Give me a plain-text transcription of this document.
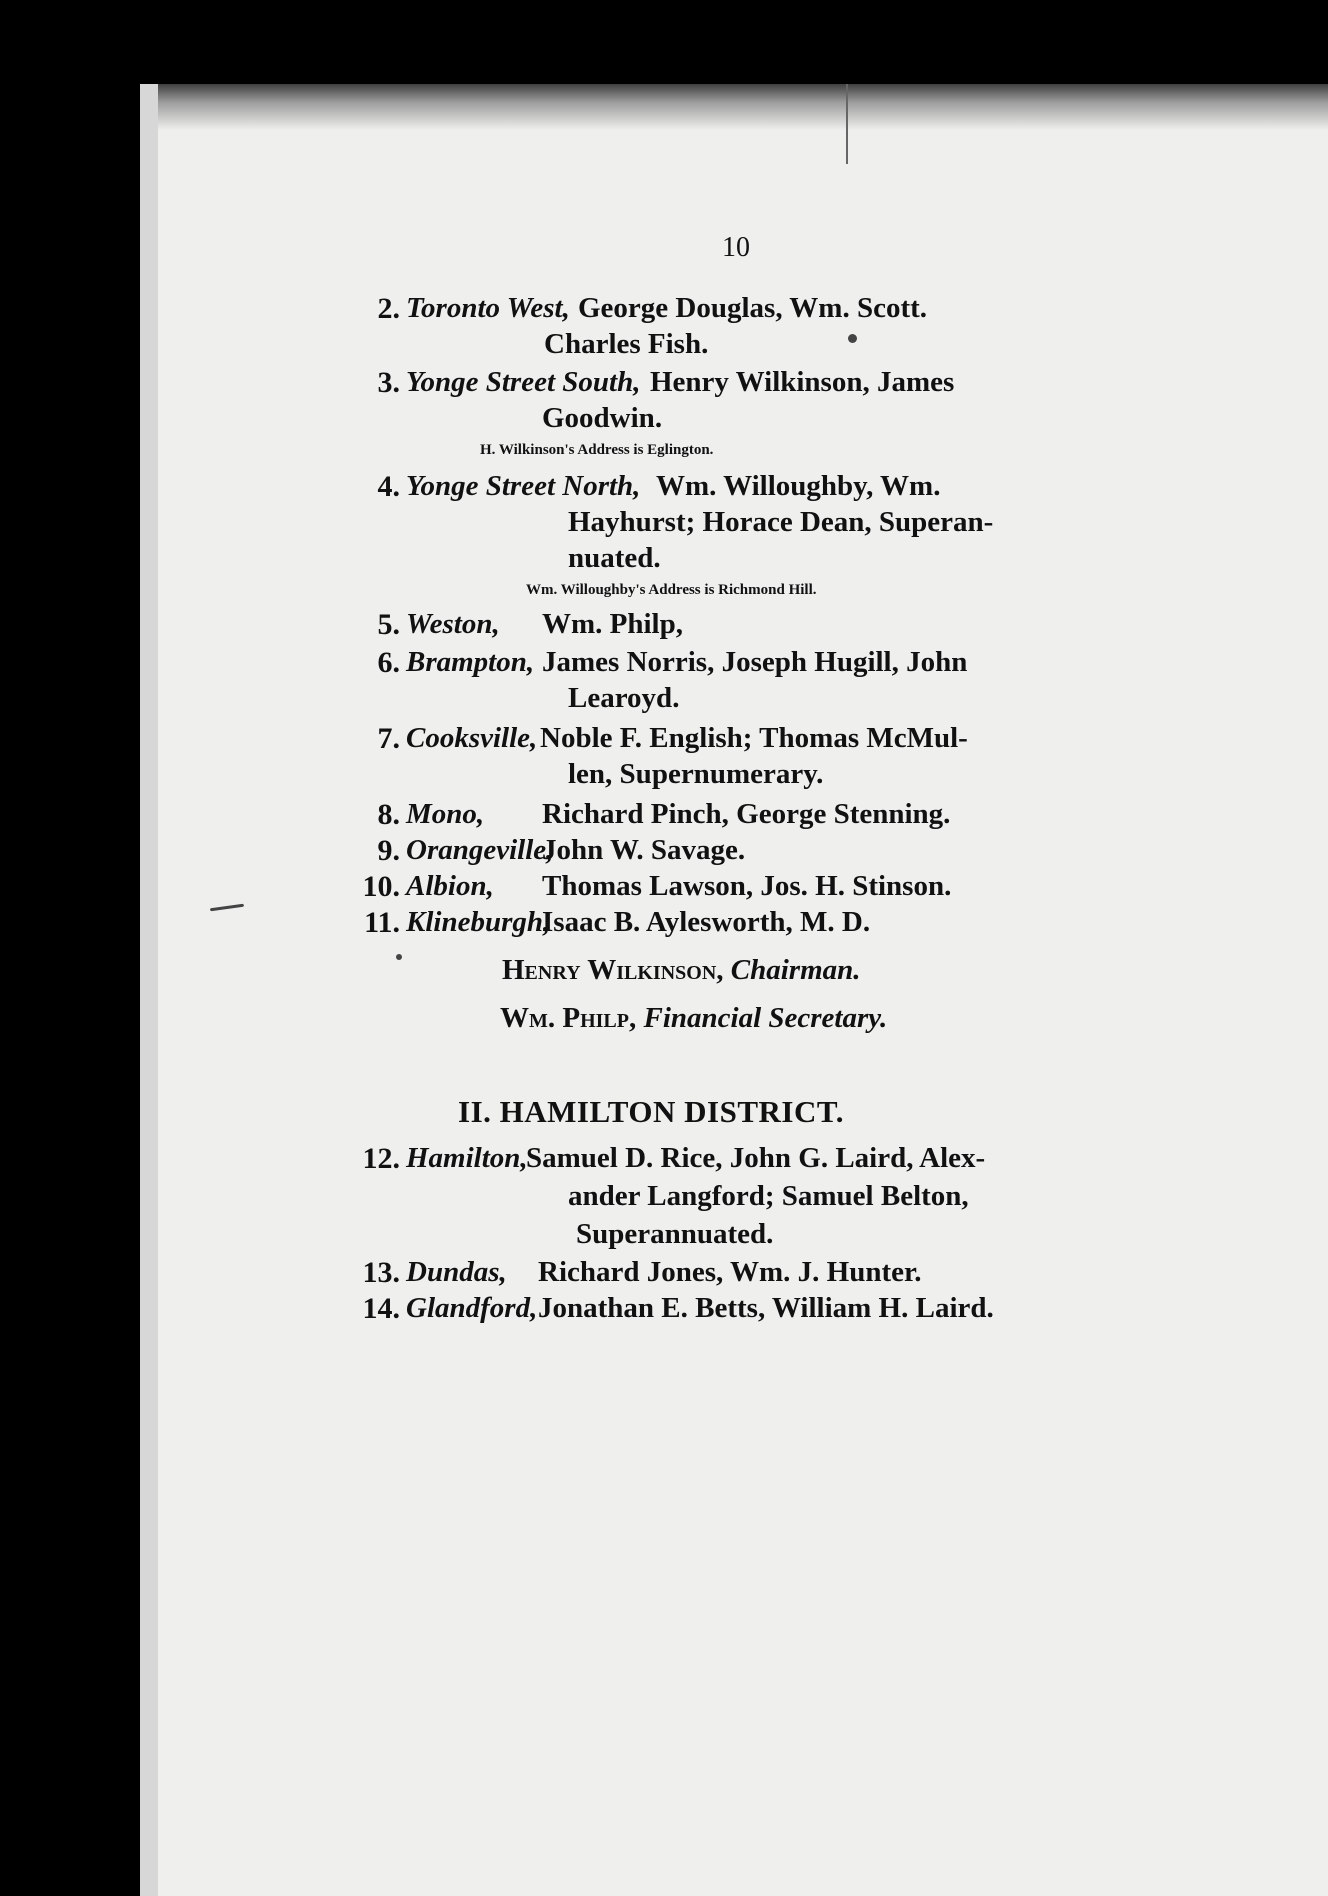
10
2. Toronto West, George Douglas, Wm. Scott.
Charles Fish.
3. Yonge Street South, Henry Wilkinson, James
Goodwin.
H. Wilkinson's Address is Eglington.
4. Yonge Street North, Wm. Willoughby, Wm.
Hayhurst; Horace Dean, Superan-
nuated.
Wm. Willoughby's Address is Richmond Hill.
5. Weston, Wm. Philp,
6. Brampton, James Norris, Joseph Hugill, John
Learoyd.
7. Cooksville, Noble F. English; Thomas McMul-
len, Supernumerary.
8. Mono, Richard Pinch, George Stenning.
9. Orangeville,
John W. Savage.
10. Albion, Thomas Lawson, Jos. H. Stinson.
11. Klineburgh,
Isaac B. Aylesworth, M. D.
Henry Wilkinson, Chairman.
Wm. Philp, Financial Secretary.
II. HAMILTON DISTRICT.
12. Hamilton,
Samuel D. Rice, John G. Laird, Alex-
ander Langford; Samuel Belton,
Superannuated.
13. Dundas, Richard Jones, Wm. J. Hunter.
14. Glandford, Jonathan E. Betts, William H. Laird.
